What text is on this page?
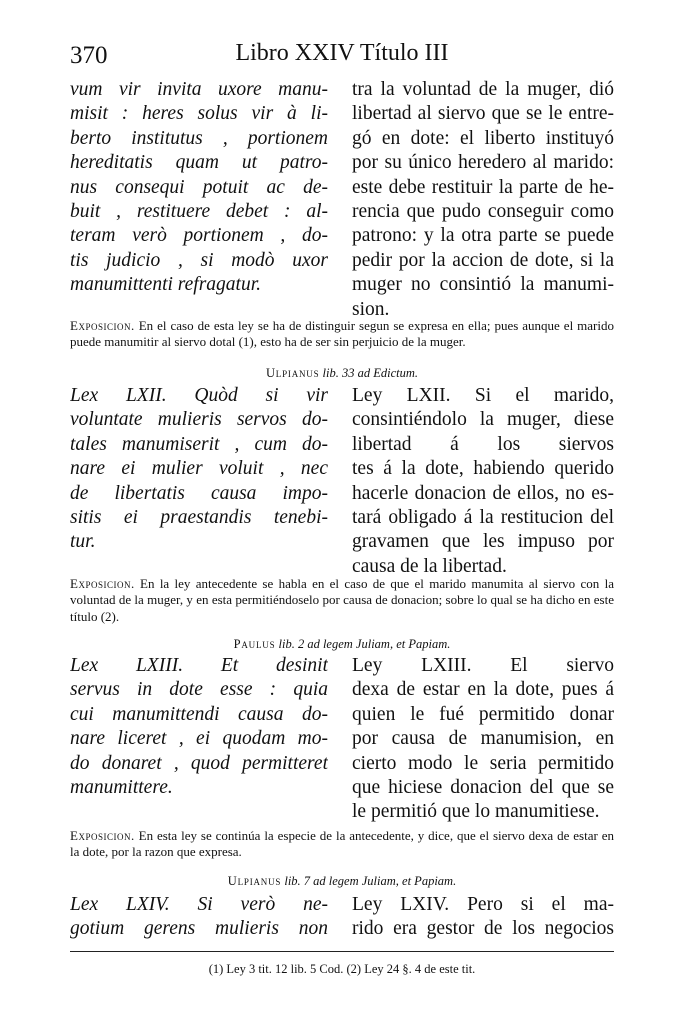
370	Libro XXIV Título III
vum vir invita uxore manu-
misit : heres solus vir à li-
berto institutus , portionem
hereditatis quam ut patro-
nus consequi potuit ac de-
buit , restituere debet : al-
teram verò portionem , do-
tis judicio , si modò uxor
manumittenti refragatur.
tra la voluntad de la muger, dió
libertad al siervo que se le entre-
gó en dote: el liberto instituyó
por su único heredero al marido:
este debe restituir la parte de he-
rencia que pudo conseguir como
patrono: y la otra parte se puede
pedir por la accion de dote, si la
muger no consintió la manumi-
sion.
Exposicion. En el caso de esta ley se ha de distinguir segun se expresa en ella; pues aunque el marido puede manumitir al siervo dotal (1), esto ha de ser sin perjuicio de la muger.
Ulpianus lib. 33 ad Edictum.
Lex LXII. Quòd si vir
voluntate mulieris servos do-
tales manumiserit , cum do-
nare ei mulier voluit , nec
de libertatis causa impo-
sitis ei praestandis tenebi-
tur.
Ley LXII. Si el marido,
consintiéndolo la muger, diese
libertad á los siervos
tes á la dote, habiendo querido
hacerle donacion de ellos, no es-
tará obligado á la restitucion del
gravamen que les impuso por
causa de la libertad.
Exposicion. En la ley antecedente se habla en el caso de que el marido manumita al siervo con la voluntad de la muger, y en esta permitiéndoselo por causa de donacion; sobre lo qual se ha dicho en este título (2).
Paulus lib. 2 ad legem Juliam, et Papiam.
Lex LXIII. Et desinit
servus in dote esse : quia
cui manumittendi causa do-
nare liceret , ei quodam mo-
do donaret , quod permitteret
manumittere.
Ley LXIII. El siervo
dexa de estar en la dote, pues á
quien le fué permitido donar
por causa de manumision, en
cierto modo le seria permitido
que hiciese donacion del que se
le permitió que lo manumitiese.
Exposicion. En esta ley se continúa la especie de la antecedente, y dice, que el siervo dexa de estar en la dote, por la razon que expresa.
Ulpianus lib. 7 ad legem Juliam, et Papiam.
Lex LXIV. Si verò ne-
gotium gerens mulieris non
Ley LXIV. Pero si el ma-
rido era gestor de los negocios
(1) Ley 3 tit. 12 lib. 5 Cod. (2) Ley 24 §. 4 de este tit.
